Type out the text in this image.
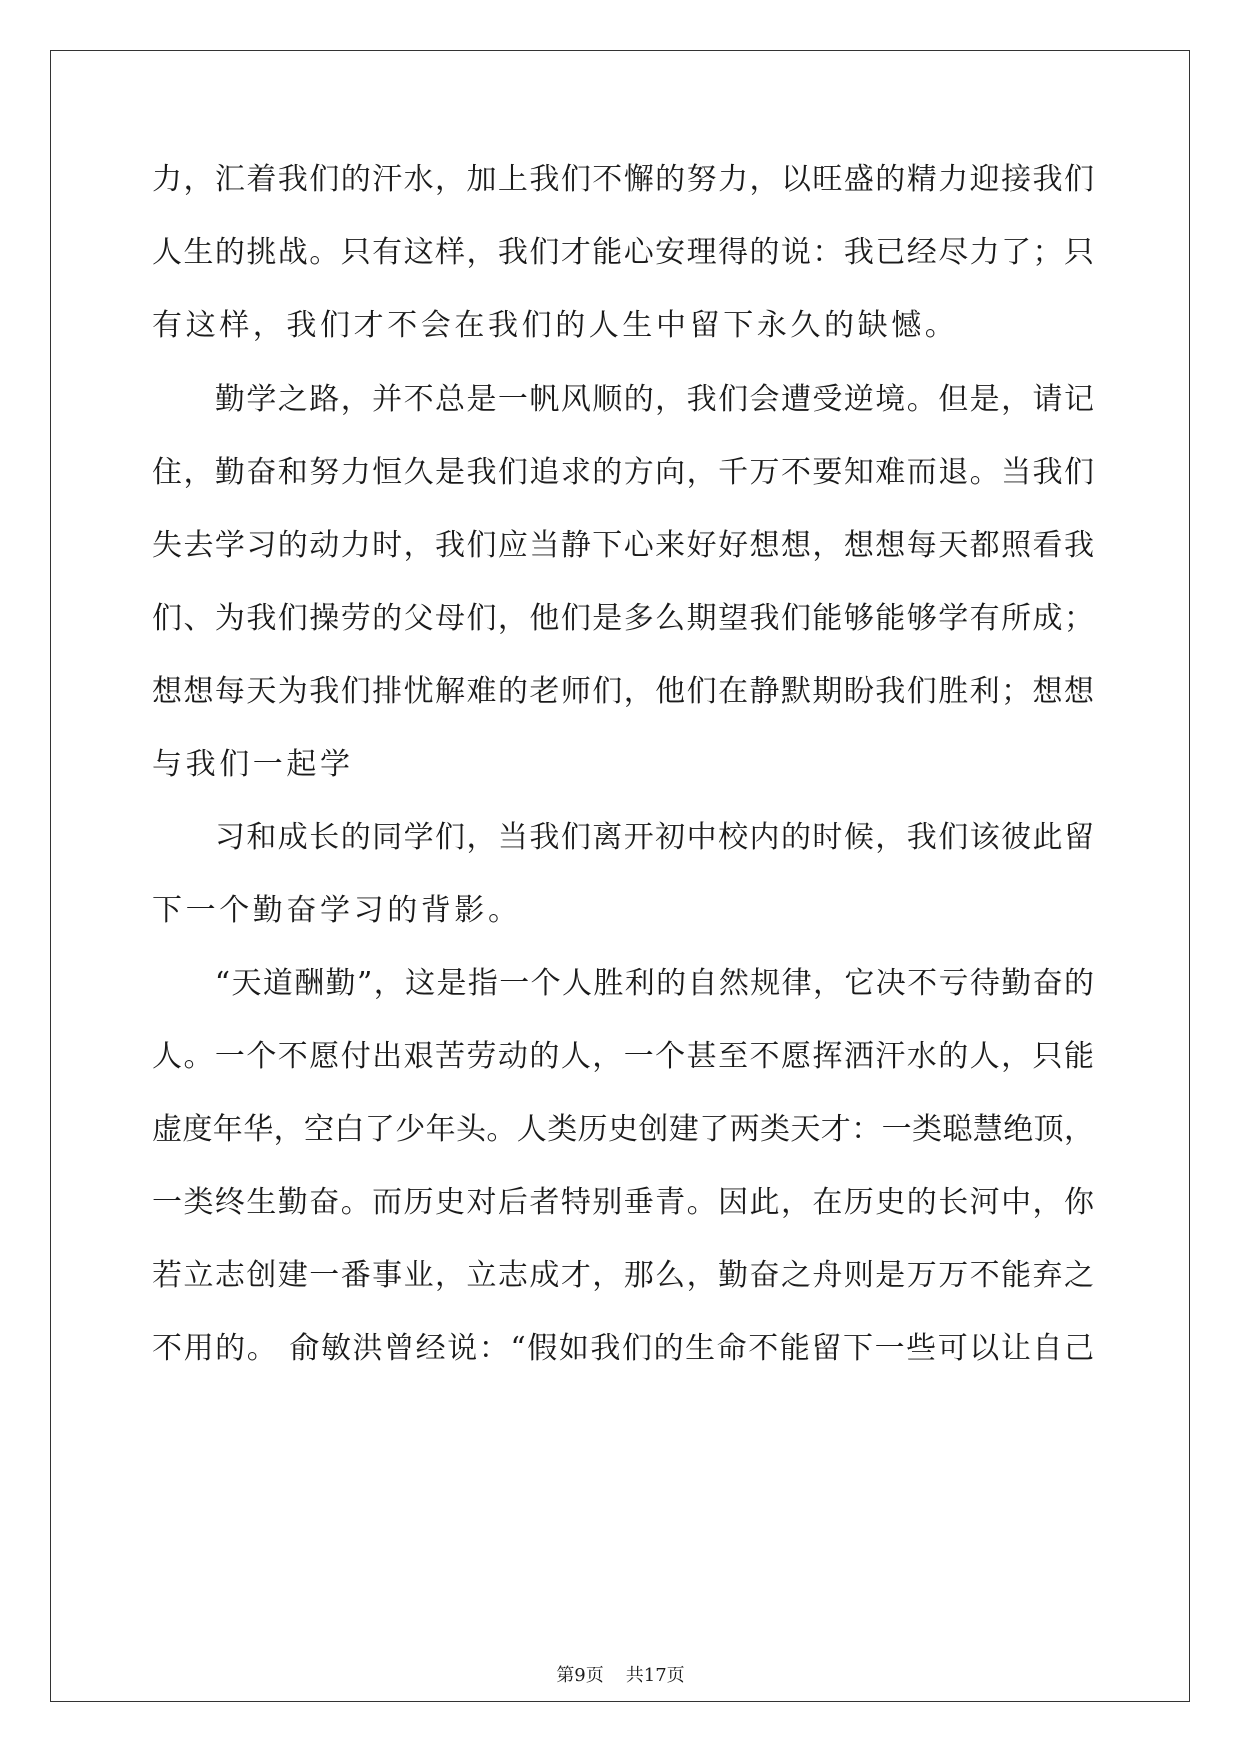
力，汇着我们的汗水，加上我们不懈的努力，以旺盛的精力迎接我们
人生的挑战。只有这样，我们才能心安理得的说：我已经尽力了；只
有这样，我们才不会在我们的人生中留下永久的缺憾。
　　勤学之路，并不总是一帆风顺的，我们会遭受逆境。但是，请记
住，勤奋和努力恒久是我们追求的方向，千万不要知难而退。当我们
失去学习的动力时，我们应当静下心来好好想想，想想每天都照看我
们、为我们操劳的父母们，他们是多么期望我们能够能够学有所成；
想想每天为我们排忧解难的老师们，他们在静默期盼我们胜利；想想
与我们一起学
　　习和成长的同学们，当我们离开初中校内的时候，我们该彼此留
下一个勤奋学习的背影。
　　“天道酬勤”，这是指一个人胜利的自然规律，它决不亏待勤奋的
人。一个不愿付出艰苦劳动的人，一个甚至不愿挥洒汗水的人，只能
虚度年华，空白了少年头。人类历史创建了两类天才：一类聪慧绝顶，
一类终生勤奋。而历史对后者特别垂青。因此，在历史的长河中，你
若立志创建一番事业，立志成才，那么，勤奋之舟则是万万不能弃之
不用的。 俞敏洪曾经说：“假如我们的生命不能留下一些可以让自己
第9页 共17页
